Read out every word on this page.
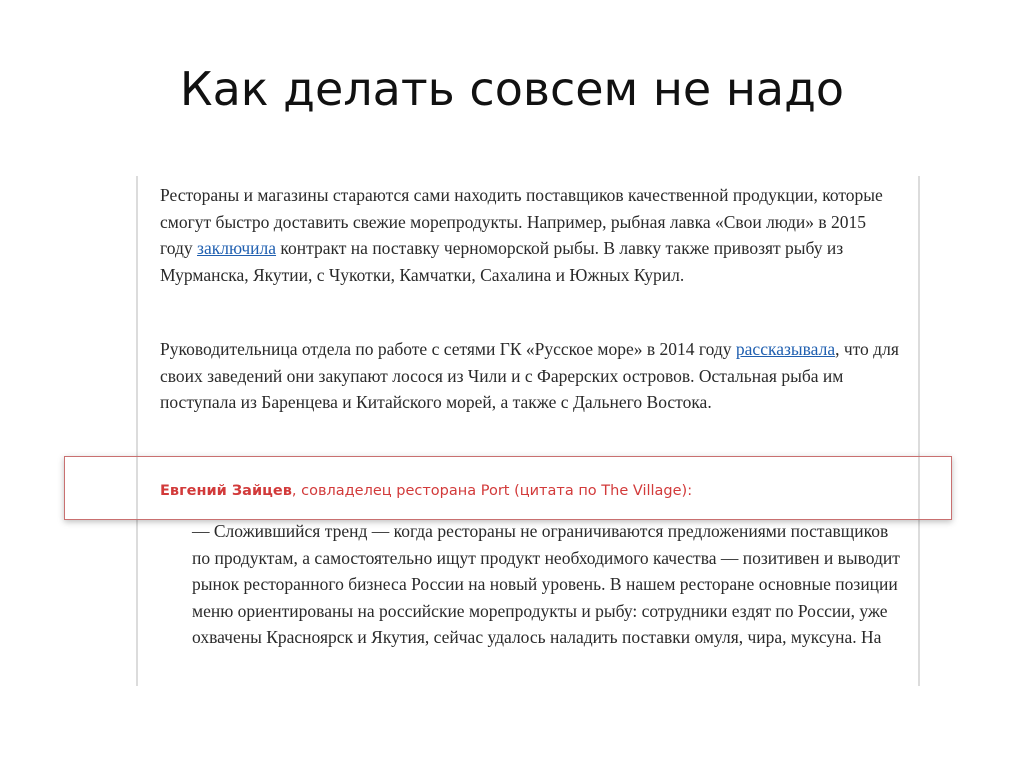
Как делать совсем не надо

Рестораны и магазины стараются сами находить поставщиков качественной продукции, которые смогут быстро доставить свежие морепродукты. Например, рыбная лавка «Свои люди» в 2015 году заключила контракт на поставку черноморской рыбы. В лавку также привозят рыбу из Мурманска, Якутии, с Чукотки, Камчатки, Сахалина и Южных Курил.

Руководительница отдела по работе с сетями ГК «Русское море» в 2014 году рассказывала, что для своих заведений они закупают лосося из Чили и с Фарерских островов. Остальная рыба им поступала из Баренцева и Китайского морей, а также с Дальнего Востока.

Евгений Зайцев, совладелец ресторана Port (цитата по The Village):

— Сложившийся тренд — когда рестораны не ограничиваются предложениями поставщиков по продуктам, а самостоятельно ищут продукт необходимого качества — позитивен и выводит рынок ресторанного бизнеса России на новый уровень. В нашем ресторане основные позиции меню ориентированы на российские морепродукты и рыбу: сотрудники ездят по России, уже охвачены Красноярск и Якутия, сейчас удалось наладить поставки омуля, чира, муксуна. На
